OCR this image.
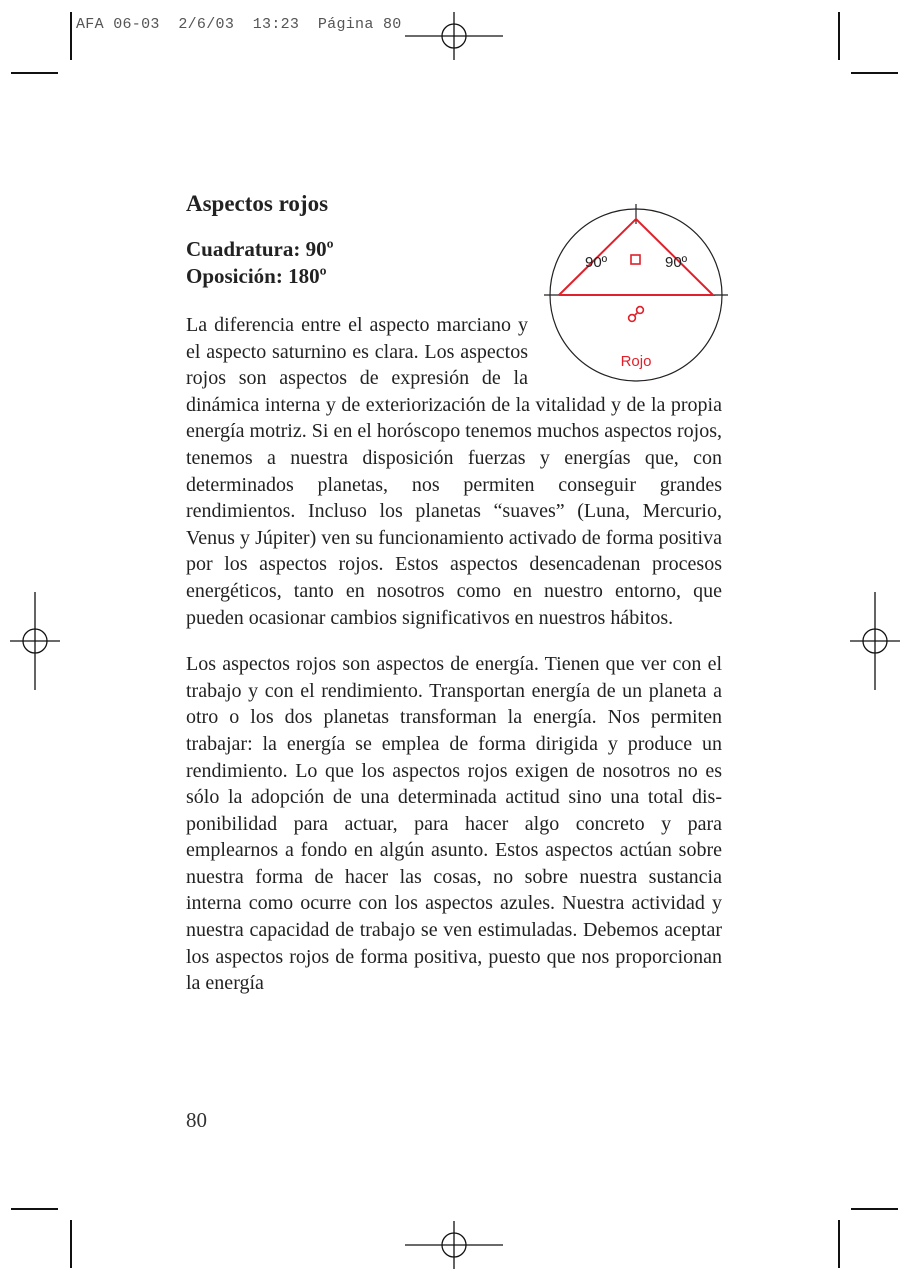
AFA 06-03  2/6/03  13:23  Página 80
Aspectos rojos
Cuadratura: 90º
Oposición: 180º

90º	90º
Rojo
La diferencia entre el aspecto marciano y el aspecto saturnino es clara. Los aspectos rojos son aspectos de expresión de la dinámica interna y de exteriorización de la vitalidad y de la propia energía motriz. Si en el horóscopo tenemos muchos aspectos rojos, tenemos a nuestra disposición fuerzas y energías que, con determinados planetas, nos permiten conseguir grandes rendimientos. Incluso los planetas “suaves” (Luna, Mercurio, Venus y Júpiter) ven su funcionamiento activado de forma positiva por los aspectos rojos. Estos aspectos desencadenan procesos energéticos, tanto en nosotros como en nuestro entorno, que pueden ocasionar cambios significativos en nuestros hábitos.

Los aspectos rojos son aspectos de energía. Tienen que ver con el trabajo y con el rendimiento. Transportan energía de un planeta a otro o los dos planetas transforman la energía. Nos permiten trabajar: la energía se emplea de forma dirigida y produce un rendimiento. Lo que los aspectos rojos exigen de nosotros no es sólo la adopción de una determinada actitud sino una total disponibilidad para actuar, para hacer algo concreto y para emplearnos a fondo en algún asunto. Estos aspectos actúan sobre nuestra forma de hacer las cosas, no sobre nuestra sustancia interna como ocurre con los aspectos azules. Nuestra actividad y nuestra capacidad de trabajo se ven estimuladas. Debemos aceptar los aspectos rojos de forma positiva, puesto que nos proporcionan la energía

80
